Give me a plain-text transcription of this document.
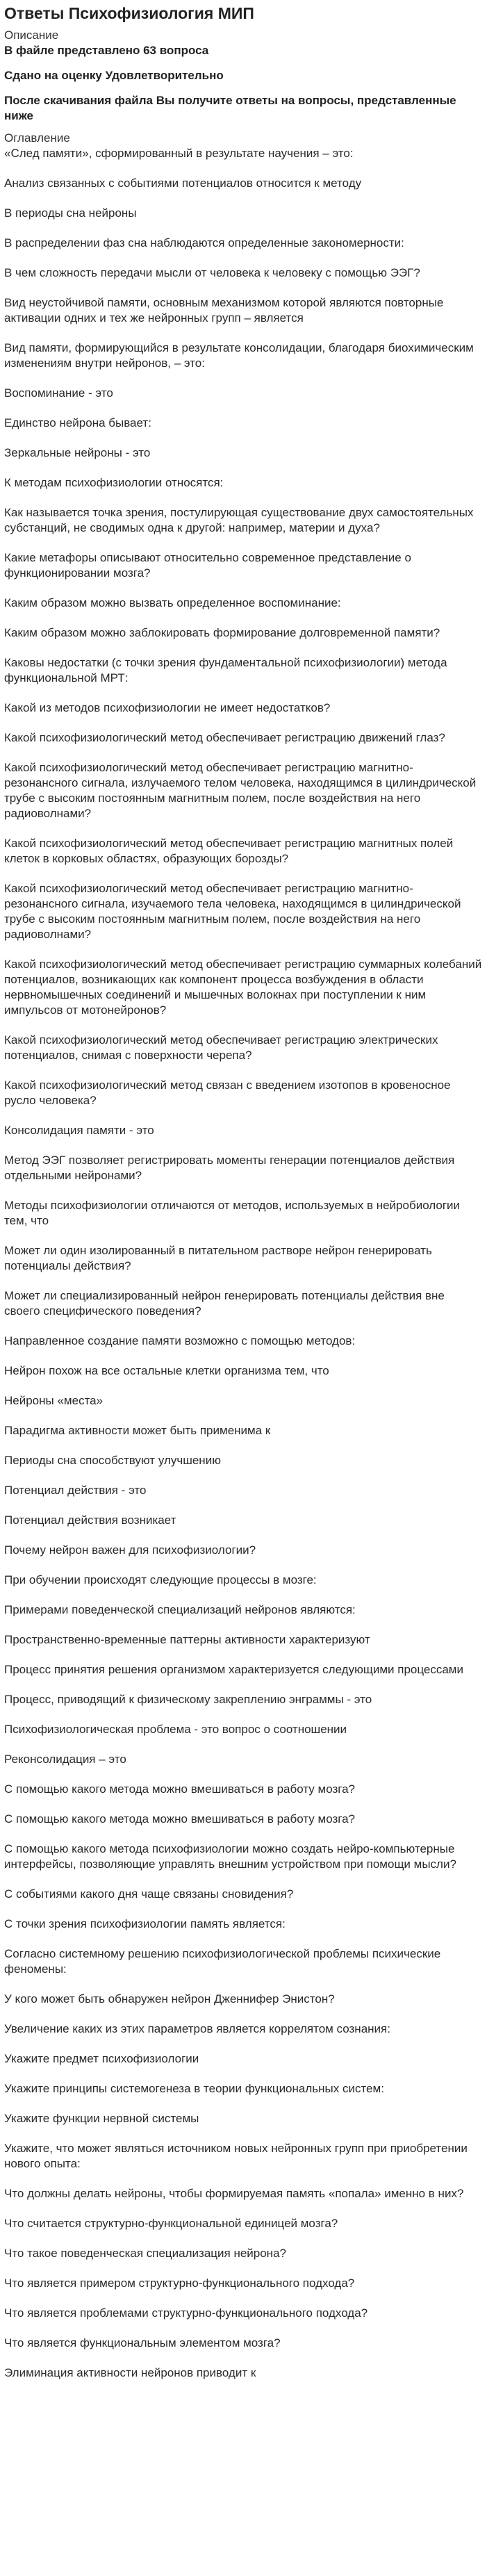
Ответы Психофизиология МИП

Описание

В файле представлено 63 вопроса

Сдано на оценку Удовлетворительно

После скачивания файла Вы получите ответы на вопросы, представленные ниже

Оглавление

«След памяти», сформированный в результате научения – это:
Анализ связанных с событиями потенциалов относится к методу
В периоды сна нейроны
В распределении фаз сна наблюдаются определенные закономерности:
В чем сложность передачи мысли от человека к человеку с помощью ЭЭГ?
Вид неустойчивой памяти, основным механизмом которой являются повторные активации одних и тех же нейронных групп – является
Вид памяти, формирующийся в результате консолидации, благодаря биохимическим изменениям внутри нейронов, – это:
Воспоминание - это
Единство нейрона бывает:
Зеркальные нейроны - это
К методам психофизиологии относятся:
Как называется точка зрения, постулирующая существование двух самостоятельных субстанций, не сводимых одна к другой: например, материи и духа?
Какие метафоры описывают относительно современное представление о функционировании мозга?
Каким образом можно вызвать определенное воспоминание:
Каким образом можно заблокировать формирование долговременной памяти?
Каковы недостатки (с точки зрения фундаментальной психофизиологии) метода функциональной МРТ:
Какой из методов психофизиологии не имеет недостатков?
Какой психофизиологический метод обеспечивает регистрацию движений глаз?
Какой психофизиологический метод обеспечивает регистрацию магнитно-резонансного сигнала, излучаемого телом человека, находящимся в цилиндрической трубе с высоким постоянным магнитным полем, после воздействия на него радиоволнами?
Какой психофизиологический метод обеспечивает регистрацию магнитных полей клеток в корковых областях, образующих борозды?
Какой психофизиологический метод обеспечивает регистрацию магнитно-резонансного сигнала, изучаемого тела человека, находящимся в цилиндрической трубе с высоким постоянным магнитным полем, после воздействия на него радиоволнами?
Какой психофизиологический метод обеспечивает регистрацию суммарных колебаний потенциалов, возникающих как компонент процесса возбуждения в области нервномышечных соединений и мышечных волокнах при поступлении к ним импульсов от мотонейронов?
Какой психофизиологический метод обеспечивает регистрацию электрических потенциалов, снимая с поверхности черепа?
Какой психофизиологический метод связан с введением изотопов в кровеносное русло человека?
Консолидация памяти - это
Метод ЭЭГ позволяет регистрировать моменты генерации потенциалов действия отдельными нейронами?
Методы психофизиологии отличаются от методов, используемых в нейробиологии тем, что
Может ли один изолированный в питательном растворе нейрон генерировать потенциалы действия?
Может ли специализированный нейрон генерировать потенциалы действия вне своего специфического поведения?
Направленное создание памяти возможно с помощью методов:
Нейрон похож на все остальные клетки организма тем, что
Нейроны «места»
Парадигма активности может быть применима к
Периоды сна способствуют улучшению
Потенциал действия - это
Потенциал действия возникает
Почему нейрон важен для психофизиологии?
При обучении происходят следующие процессы в мозге:
Примерами поведенческой специализаций нейронов являются:
Пространственно-временные паттерны активности характеризуют
Процесс принятия решения организмом характеризуется следующими процессами
Процесс, приводящий к физическому закреплению энграммы - это
Психофизиологическая проблема - это вопрос о соотношении
Реконсолидация – это
С помощью какого метода можно вмешиваться в работу мозга?
С помощью какого метода можно вмешиваться в работу мозга?
С помощью какого метода психофизиологии можно создать нейро-компьютерные интерфейсы, позволяющие управлять внешним устройством при помощи мысли?
С событиями какого дня чаще связаны сновидения?
С точки зрения психофизиологии память является:
Согласно системному решению психофизиологической проблемы психические феномены:
У кого может быть обнаружен нейрон Дженнифер Энистон?
Увеличение каких из этих параметров является коррелятом сознания:
Укажите предмет психофизиологии
Укажите принципы системогенеза в теории функциональных систем:
Укажите функции нервной системы
Укажите, что может являться источником новых нейронных групп при приобретении нового опыта:
Что должны делать нейроны, чтобы формируемая память «попала» именно в них?
Что считается структурно-функциональной единицей мозга?
Что такое поведенческая специализация нейрона?
Что является примером структурно-функционального подхода?
Что является проблемами структурно-функционального подхода?
Что является функциональным элементом мозга?
Элиминация активности нейронов приводит к
